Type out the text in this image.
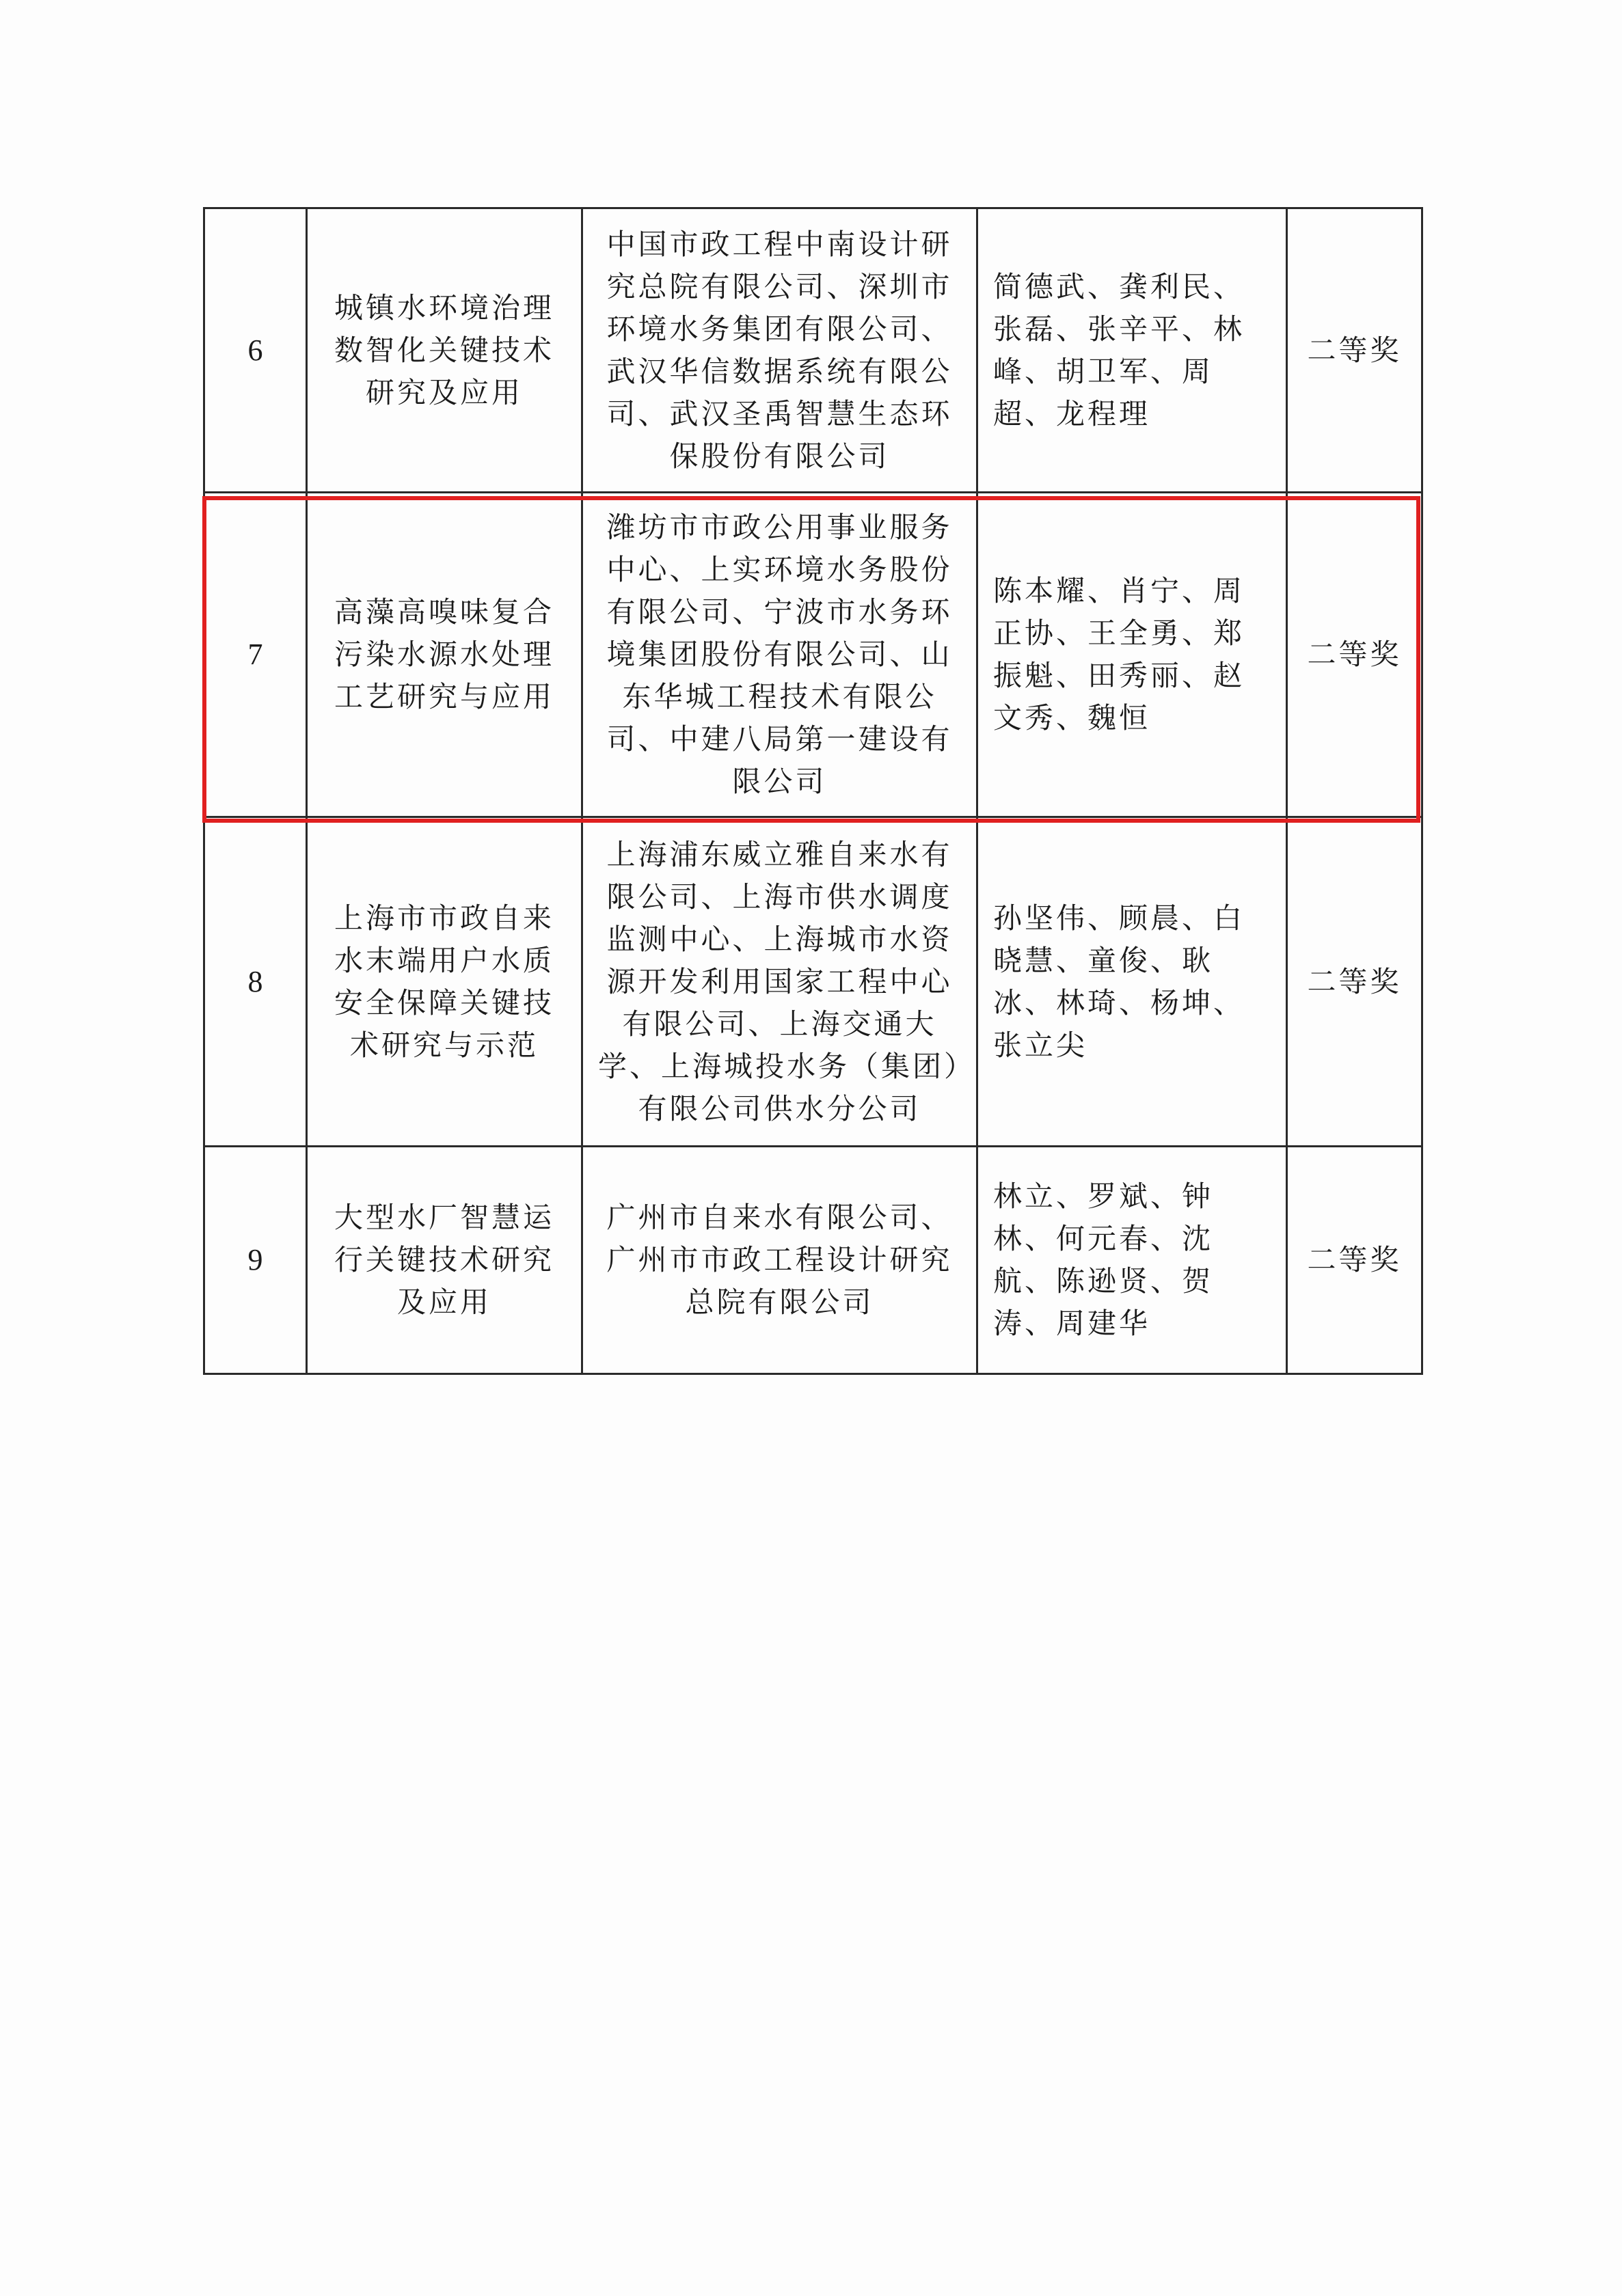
6	城镇水环境治理数智化关键技术研究及应用	中国市政工程中南设计研究总院有限公司、深圳市环境水务集团有限公司、武汉华信数据系统有限公司、武汉圣禹智慧生态环保股份有限公司	简德武、龚利民、张磊、张辛平、林峰、胡卫军、周超、龙程理	二等奖
7	高藻高嗅味复合污染水源水处理工艺研究与应用	潍坊市市政公用事业服务中心、上实环境水务股份有限公司、宁波市水务环境集团股份有限公司、山东华城工程技术有限公司、中建八局第一建设有限公司	陈本耀、肖宁、周正协、王全勇、郑振魁、田秀丽、赵文秀、魏恒	二等奖
8	上海市市政自来水末端用户水质安全保障关键技术研究与示范	上海浦东威立雅自来水有限公司、上海市供水调度监测中心、上海城市水资源开发利用国家工程中心有限公司、上海交通大学、上海城投水务（集团）有限公司供水分公司	孙坚伟、顾晨、白晓慧、童俊、耿冰、林琦、杨坤、张立尖	二等奖
9	大型水厂智慧运行关键技术研究及应用	广州市自来水有限公司、广州市市政工程设计研究总院有限公司	林立、罗斌、钟林、何元春、沈航、陈逊贤、贺涛、周建华	二等奖
